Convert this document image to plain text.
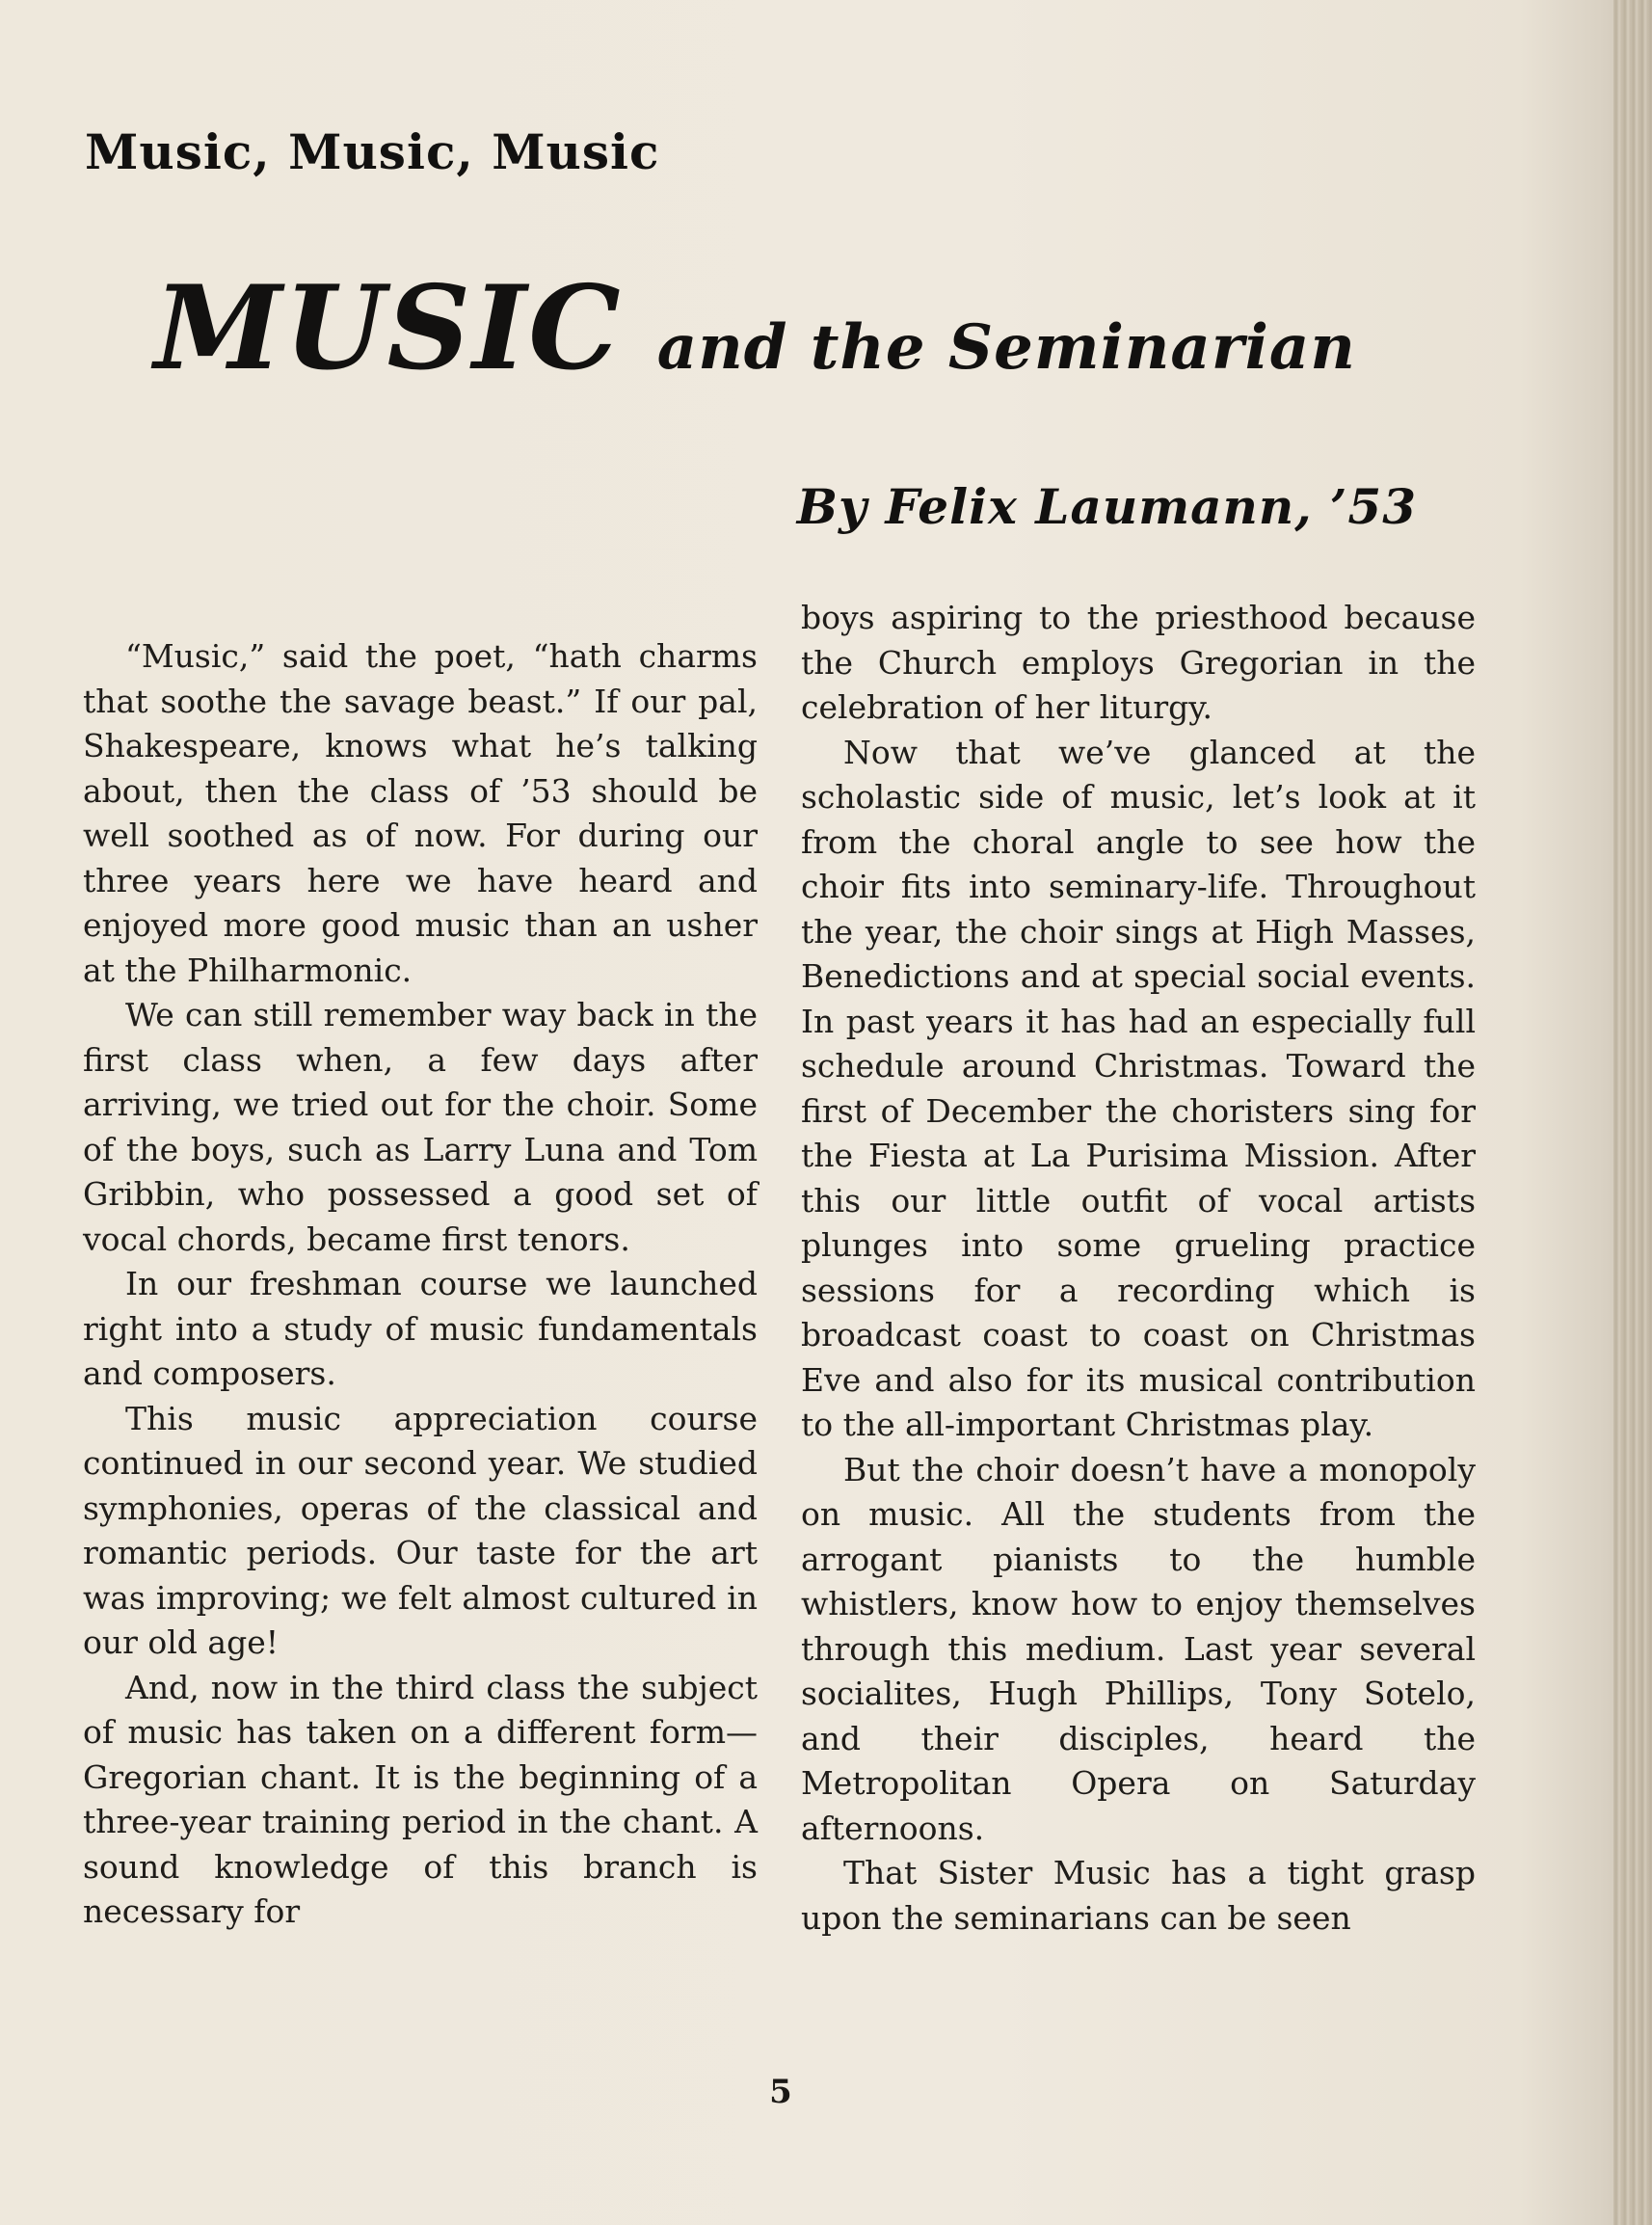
Music, Music, Music
MUSIC and the Seminarian

By Felix Laumann, ’53

“Music,” said the poet, “hath charms that soothe the savage beast.” If our pal, Shakespeare, knows what he’s talking about, then the class of ’53 should be well soothed as of now. For during our three years here we have heard and enjoyed more good music than an usher at the Philharmonic.

We can still remember way back in the first class when, a few days after arriving, we tried out for the choir. Some of the boys, such as Larry Luna and Tom Gribbin, who possessed a good set of vocal chords, became first tenors.

In our freshman course we launched right into a study of music fundamentals and composers.

This music appreciation course continued in our second year. We studied symphonies, operas of the classical and romantic periods. Our taste for the art was improving; we felt almost cultured in our old age!

And, now in the third class the subject of music has taken on a different form—Gregorian chant. It is the beginning of a three-year training period in the chant. A sound knowledge of this branch is necessary for

boys aspiring to the priesthood because the Church employs Gregorian in the celebration of her liturgy.

Now that we’ve glanced at the scholastic side of music, let’s look at it from the choral angle to see how the choir fits into seminary-life. Throughout the year, the choir sings at High Masses, Benedictions and at special social events. In past years it has had an especially full schedule around Christmas. Toward the first of December the choristers sing for the Fiesta at La Purisima Mission. After this our little outfit of vocal artists plunges into some grueling practice sessions for a recording which is broadcast coast to coast on Christmas Eve and also for its musical contribution to the all-important Christmas play.

But the choir doesn’t have a monopoly on music. All the students from the arrogant pianists to the humble whistlers, know how to enjoy themselves through this medium. Last year several socialites, Hugh Phillips, Tony Sotelo, and their disciples, heard the Metropolitan Opera on Saturday afternoons.

That Sister Music has a tight grasp upon the seminarians can be seen

5
